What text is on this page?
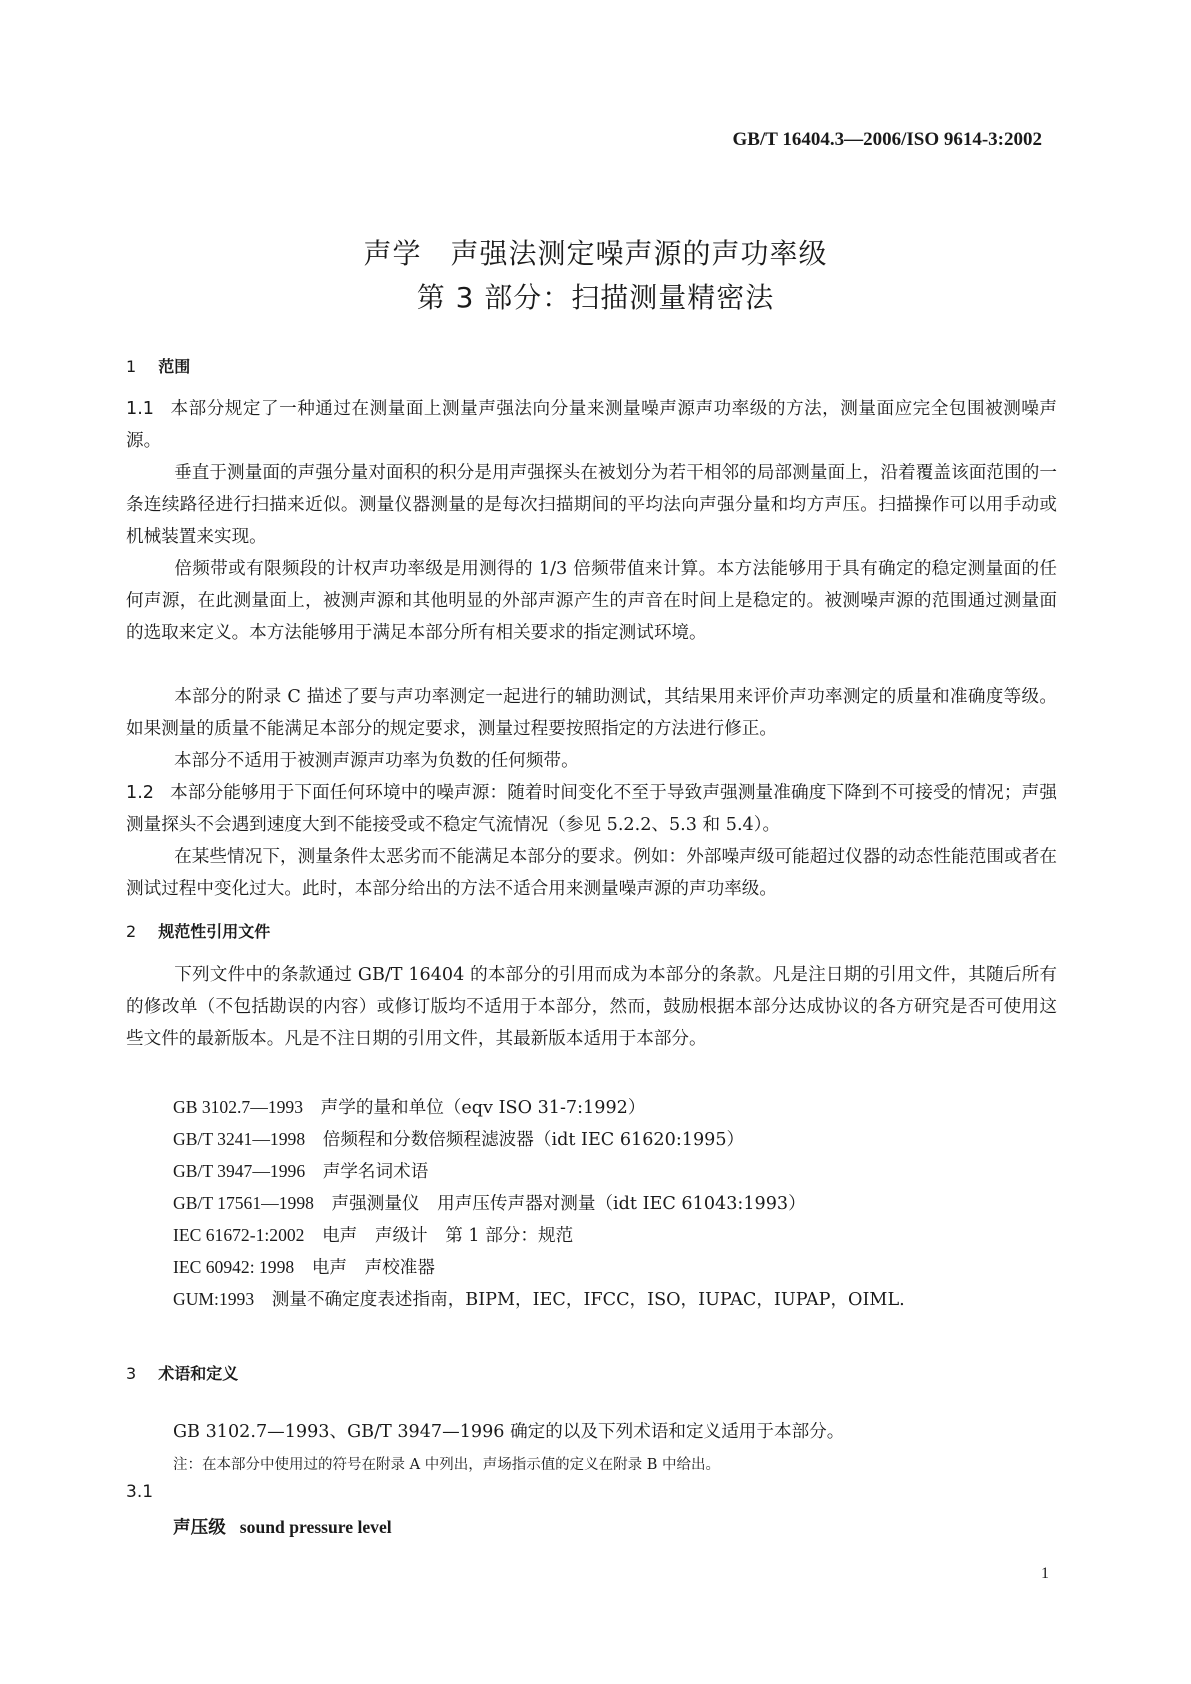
GB/T 16404.3—2006/ISO 9614-3:2002
声学　声强法测定噪声源的声功率级
第 3 部分：扫描测量精密法
1 范围
1.1 本部分规定了一种通过在测量面上测量声强法向分量来测量噪声源声功率级的方法，测量面应完全包围被测噪声源。
垂直于测量面的声强分量对面积的积分是用声强探头在被划分为若干相邻的局部测量面上，沿着覆盖该面范围的一条连续路径进行扫描来近似。测量仪器测量的是每次扫描期间的平均法向声强分量和均方声压。扫描操作可以用手动或机械装置来实现。
倍频带或有限频段的计权声功率级是用测得的 1/3 倍频带值来计算。本方法能够用于具有确定的稳定测量面的任何声源，在此测量面上，被测声源和其他明显的外部声源产生的声音在时间上是稳定的。被测噪声源的范围通过测量面的选取来定义。本方法能够用于满足本部分所有相关要求的指定测试环境。
本部分的附录 C 描述了要与声功率测定一起进行的辅助测试，其结果用来评价声功率测定的质量和准确度等级。如果测量的质量不能满足本部分的规定要求，测量过程要按照指定的方法进行修正。
本部分不适用于被测声源声功率为负数的任何频带。
1.2 本部分能够用于下面任何环境中的噪声源：随着时间变化不至于导致声强测量准确度下降到不可接受的情况；声强测量探头不会遇到速度大到不能接受或不稳定气流情况（参见 5.2.2、5.3 和 5.4）。
在某些情况下，测量条件太恶劣而不能满足本部分的要求。例如：外部噪声级可能超过仪器的动态性能范围或者在测试过程中变化过大。此时，本部分给出的方法不适合用来测量噪声源的声功率级。
2 规范性引用文件
下列文件中的条款通过 GB/T 16404 的本部分的引用而成为本部分的条款。凡是注日期的引用文件，其随后所有的修改单（不包括勘误的内容）或修订版均不适用于本部分，然而，鼓励根据本部分达成协议的各方研究是否可使用这些文件的最新版本。凡是不注日期的引用文件，其最新版本适用于本部分。
GB 3102.7—1993　 声学的量和单位（eqv ISO 31-7:1992）
GB/T 3241—1998　 倍频程和分数倍频程滤波器（idt IEC 61620:1995）
GB/T 3947—1996　 声学名词术语
GB/T 17561—1998　 声强测量仪　用声压传声器对测量（idt IEC 61043:1993）
IEC 61672-1:2002　 电声　声级计　第 1 部分：规范
IEC 60942: 1998　 电声　声校准器
GUM:1993　 测量不确定度表述指南，BIPM，IEC，IFCC，ISO，IUPAC，IUPAP，OIML.
3 术语和定义
GB 3102.7—1993、GB/T 3947—1996 确定的以及下列术语和定义适用于本部分。
注：在本部分中使用过的符号在附录 A 中列出，声场指示值的定义在附录 B 中给出。
3.1
声压级 sound pressure level
1
